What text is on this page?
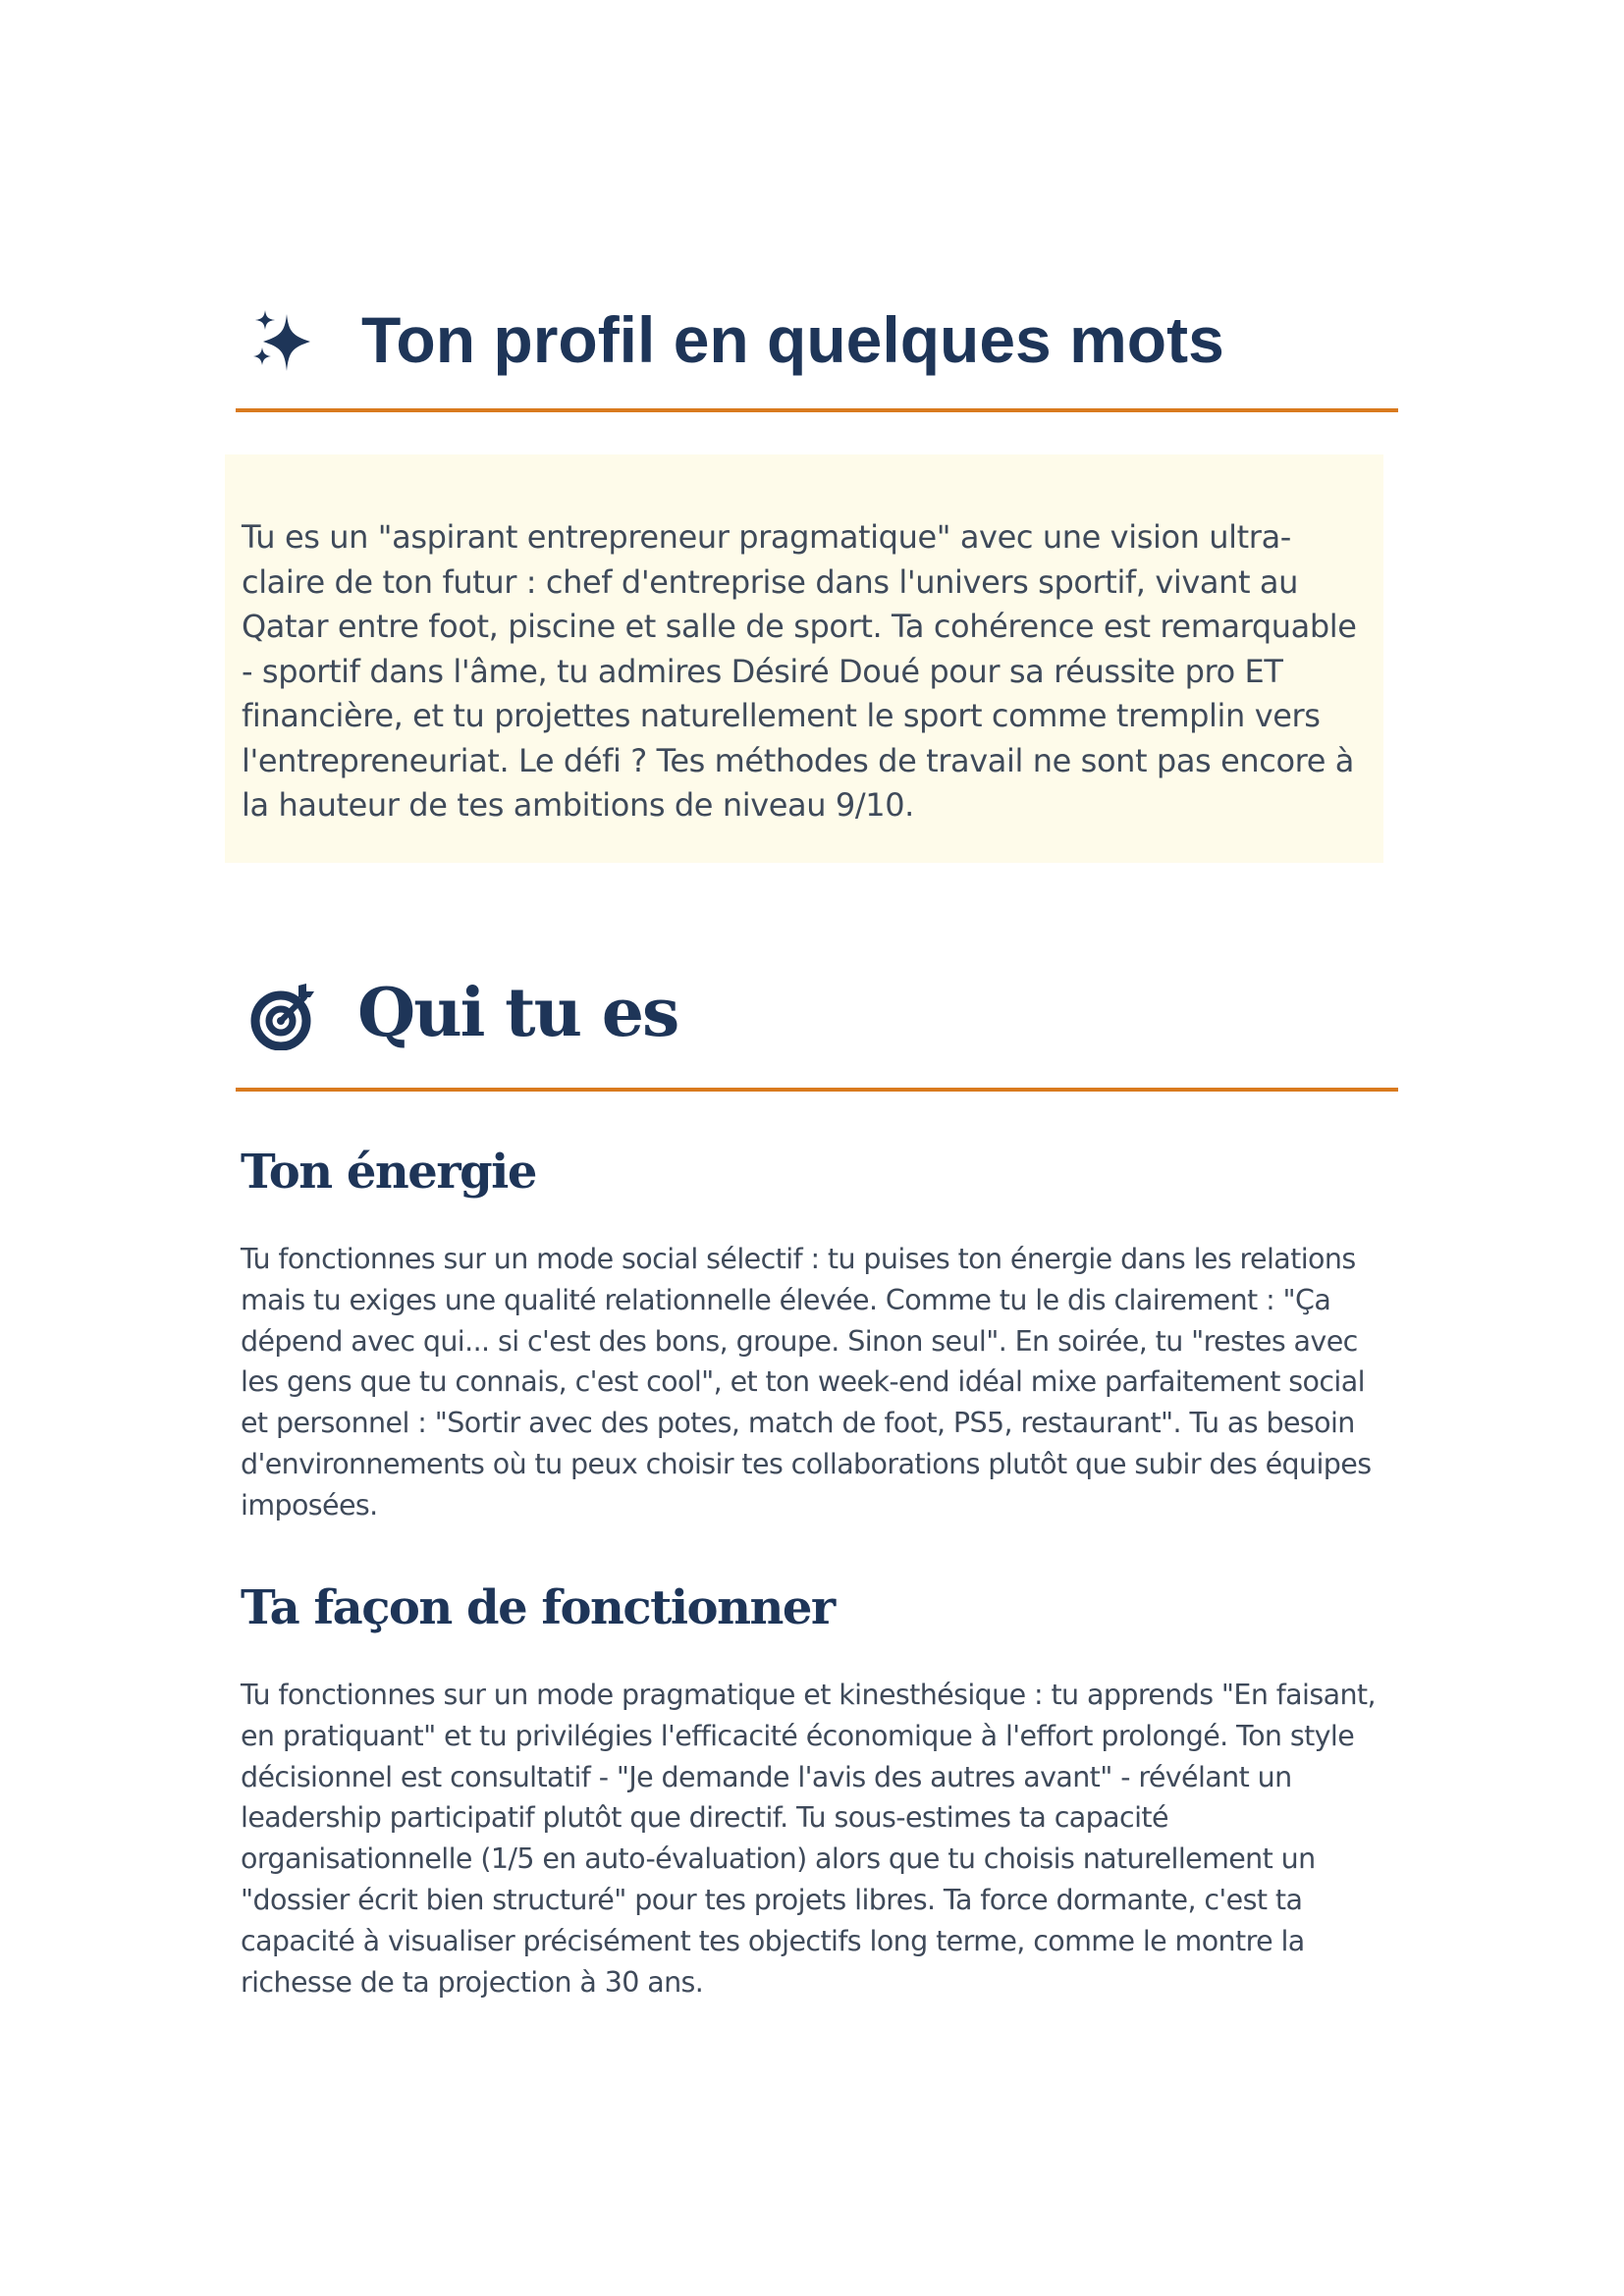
Ton profil en quelques mots

Tu es un "aspirant entrepreneur pragmatique" avec une vision ultra-claire de ton futur : chef d'entreprise dans l'univers sportif, vivant au Qatar entre foot, piscine et salle de sport. Ta cohérence est remarquable - sportif dans l'âme, tu admires Désiré Doué pour sa réussite pro ET financière, et tu projettes naturellement le sport comme tremplin vers l'entrepreneuriat. Le défi ? Tes méthodes de travail ne sont pas encore à la hauteur de tes ambitions de niveau 9/10.

Qui tu es
Ton énergie

Tu fonctionnes sur un mode social sélectif : tu puises ton énergie dans les relations mais tu exiges une qualité relationnelle élevée. Comme tu le dis clairement : "Ça dépend avec qui... si c'est des bons, groupe. Sinon seul". En soirée, tu "restes avec les gens que tu connais, c'est cool", et ton week-end idéal mixe parfaitement social et personnel : "Sortir avec des potes, match de foot, PS5, restaurant". Tu as besoin d'environnements où tu peux choisir tes collaborations plutôt que subir des équipes imposées.

Ta façon de fonctionner

Tu fonctionnes sur un mode pragmatique et kinesthésique : tu apprends "En faisant, en pratiquant" et tu privilégies l'efficacité économique à l'effort prolongé. Ton style décisionnel est consultatif - "Je demande l'avis des autres avant" - révélant un leadership participatif plutôt que directif. Tu sous-estimes ta capacité organisationnelle (1/5 en auto-évaluation) alors que tu choisis naturellement un "dossier écrit bien structuré" pour tes projets libres. Ta force dormante, c'est ta capacité à visualiser précisément tes objectifs long terme, comme le montre la richesse de ta projection à 30 ans.
